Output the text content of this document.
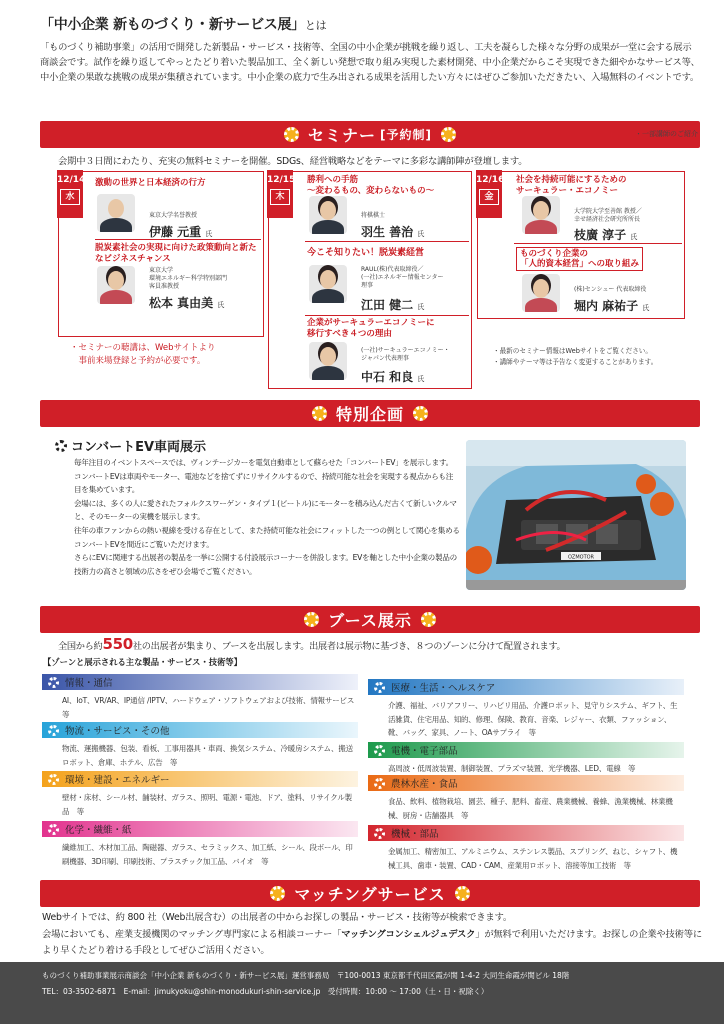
「中小企業 新ものづくり・新サービス展」とは
「ものづくり補助事業」の活用で開発した新製品・サービス・技術等、全国の中小企業が挑戦を繰り返し、工夫を凝らした様々な分野の成果が一堂に会する展示商談会です。試作を繰り返してやっとたどり着いた製品加工、全く新しい発想で取り組み実現した素材開発、中小企業だからこそ実現できた細やかなサービス等、中小企業の果敢な挑戦の成果が集積されています。中小企業の底力で生み出される成果を活用したい方々にはぜひご参加いただきたい、入場無料のイベントです。
セミナー [予約制]	・一部講師のご紹介
会期中３日間にわたり、充実の無料セミナーを開催。SDGs、経営戦略などをテーマに多彩な講師陣が登壇します。
12/14
水
激動の世界と日本経済の行方
東京大学名誉教授
伊藤 元重 氏
脱炭素社会の実現に向けた政策動向と新たなビジネスチャンス
東京大学
環境エネルギー科学特別部門
客員准教授
松本 真由美 氏
12/15
木
勝利への手筋
〜変わるもの、変わらないもの〜
将棋棋士
羽生 善治 氏
今こそ知りたい！脱炭素経営
RAUL(株)代表取締役／
(一社)エネルギー情報センター
理事
江田 健二 氏
企業がサーキュラーエコノミーに
移行すべき４つの理由
(一社)サーキュラーエコノミー・
ジャパン代表理事
中石 和良 氏
12/16
金
社会を持続可能にするための
サーキュラー・エコノミー
大学院大学至善館 教授／
幸せ経済社会研究所所長
枝廣 淳子 氏
ものづくり企業の
「人的資本経営」への取り組み
(株)センシュー 代表取締役
堀内 麻祐子 氏
・セミナーの聴講は、Webサイトより
　事前来場登録と予約が必要です。
・最新のセミナー情報はWebサイトをご覧ください。
・講師やテーマ等は予告なく変更することがあります。
特別企画
コンバートEV車両展示
毎年注目のイベントスペースでは、ヴィンテージカーを電気自動車として蘇らせた「コンバートEV」を展示します。コンバートEVは車両やモーター、電池などを捨てずにリサイクルするので、持続可能な社会を実現する視点からも注目を集めています。
会場には、多くの人に愛されたフォルクスワーゲン・タイプ１(ビートル)にモーターを積み込んだ古くて新しいクルマと、そのモーターの実機を展示します。
往年の車ファンからの熱い視線を受ける存在として、また持続可能な社会にフィットした一つの例として関心を集めるコンバートEVを間近にご覧いただけます。
さらにEVに関連する出展者の製品を一挙に公開する付設展示コーナーを併設します。EVを軸とした中小企業の製品の技術力の高さと領域の広さをぜひ会場でご覧ください。
OZMOTOR
ブース展示
全国から約550社の出展者が集まり、ブースを出展します。出展者は展示物に基づき、８つのゾーンに分けて配置されます。
【ゾーンと展示される主な製品・サービス・技術等】
情報・通信
AI、IoT、VR/AR、IP通信 /IPTV、ハードウェア・ソフトウェアおよび技術、情報サービス　等
物流・サービス・その他
物流、運搬機器、包装、看板、工事用器具・車両、換気システム、冷暖房システム、搬送ロボット、倉庫、ホテル、広告　等
環境・建設・エネルギー
壁材・床材、シール材、舗装材、ガラス、照明、電源・電池、ドア、塗料、リサイクル製品　等
化学・繊維・紙
繊維加工、木材加工品、陶磁器、ガラス、セラミックス、加工紙、シール、段ボール、印刷機器、3D印刷、印刷技術、プラスチック加工品、バイオ　等
医療・生活・ヘルスケア
介護、福祉、バリアフリー、リハビリ用品、介護ロボット、見守りシステム、ギフト、生活雑貨、住宅用品、知的、修理、保険、教育、音楽、レジャー、衣類、ファッション、靴、バッグ、家具、ノート、OAサプライ　等
電機・電子部品
高周波・低周波装置、制御装置、プラズマ装置、光学機器、LED、電線　等
農林水産・食品
食品、飲料、植物栽培、園芸、種子、肥料、畜産、農業機械、養蜂、漁業機械、林業機械、厨房・店舗器具　等
機械・部品
金属加工、精密加工、アルミニウム、ステンレス製品、スプリング、ねじ、シャフト、機械工具、歯車・装置、CAD・CAM、産業用ロボット、溶接等加工技術　等
マッチングサービス
Webサイトでは、約 800 社（Web出展含む）の出展者の中からお探しの製品・サービス・技術等が検索できます。
会場においても、産業支援機関のマッチング専門家による相談コーナー「マッチングコンシェルジュデスク」が無料で利用いただけます。お探しの企業や技術等により早くたどり着ける手段としてぜひご活用ください。
ものづくり補助事業展示商談会「中小企業 新ものづくり・新サービス展」運営事務局　〒100-0013 東京都千代田区霞が関 1-4-2 大同生命霞が関ビル 18階
TEL：03-3502-6871　 E-mail：jimukyoku@shin-monodukuri-shin-service.jp　 受付時間：10:00 〜 17:00（土・日・祝除く）
